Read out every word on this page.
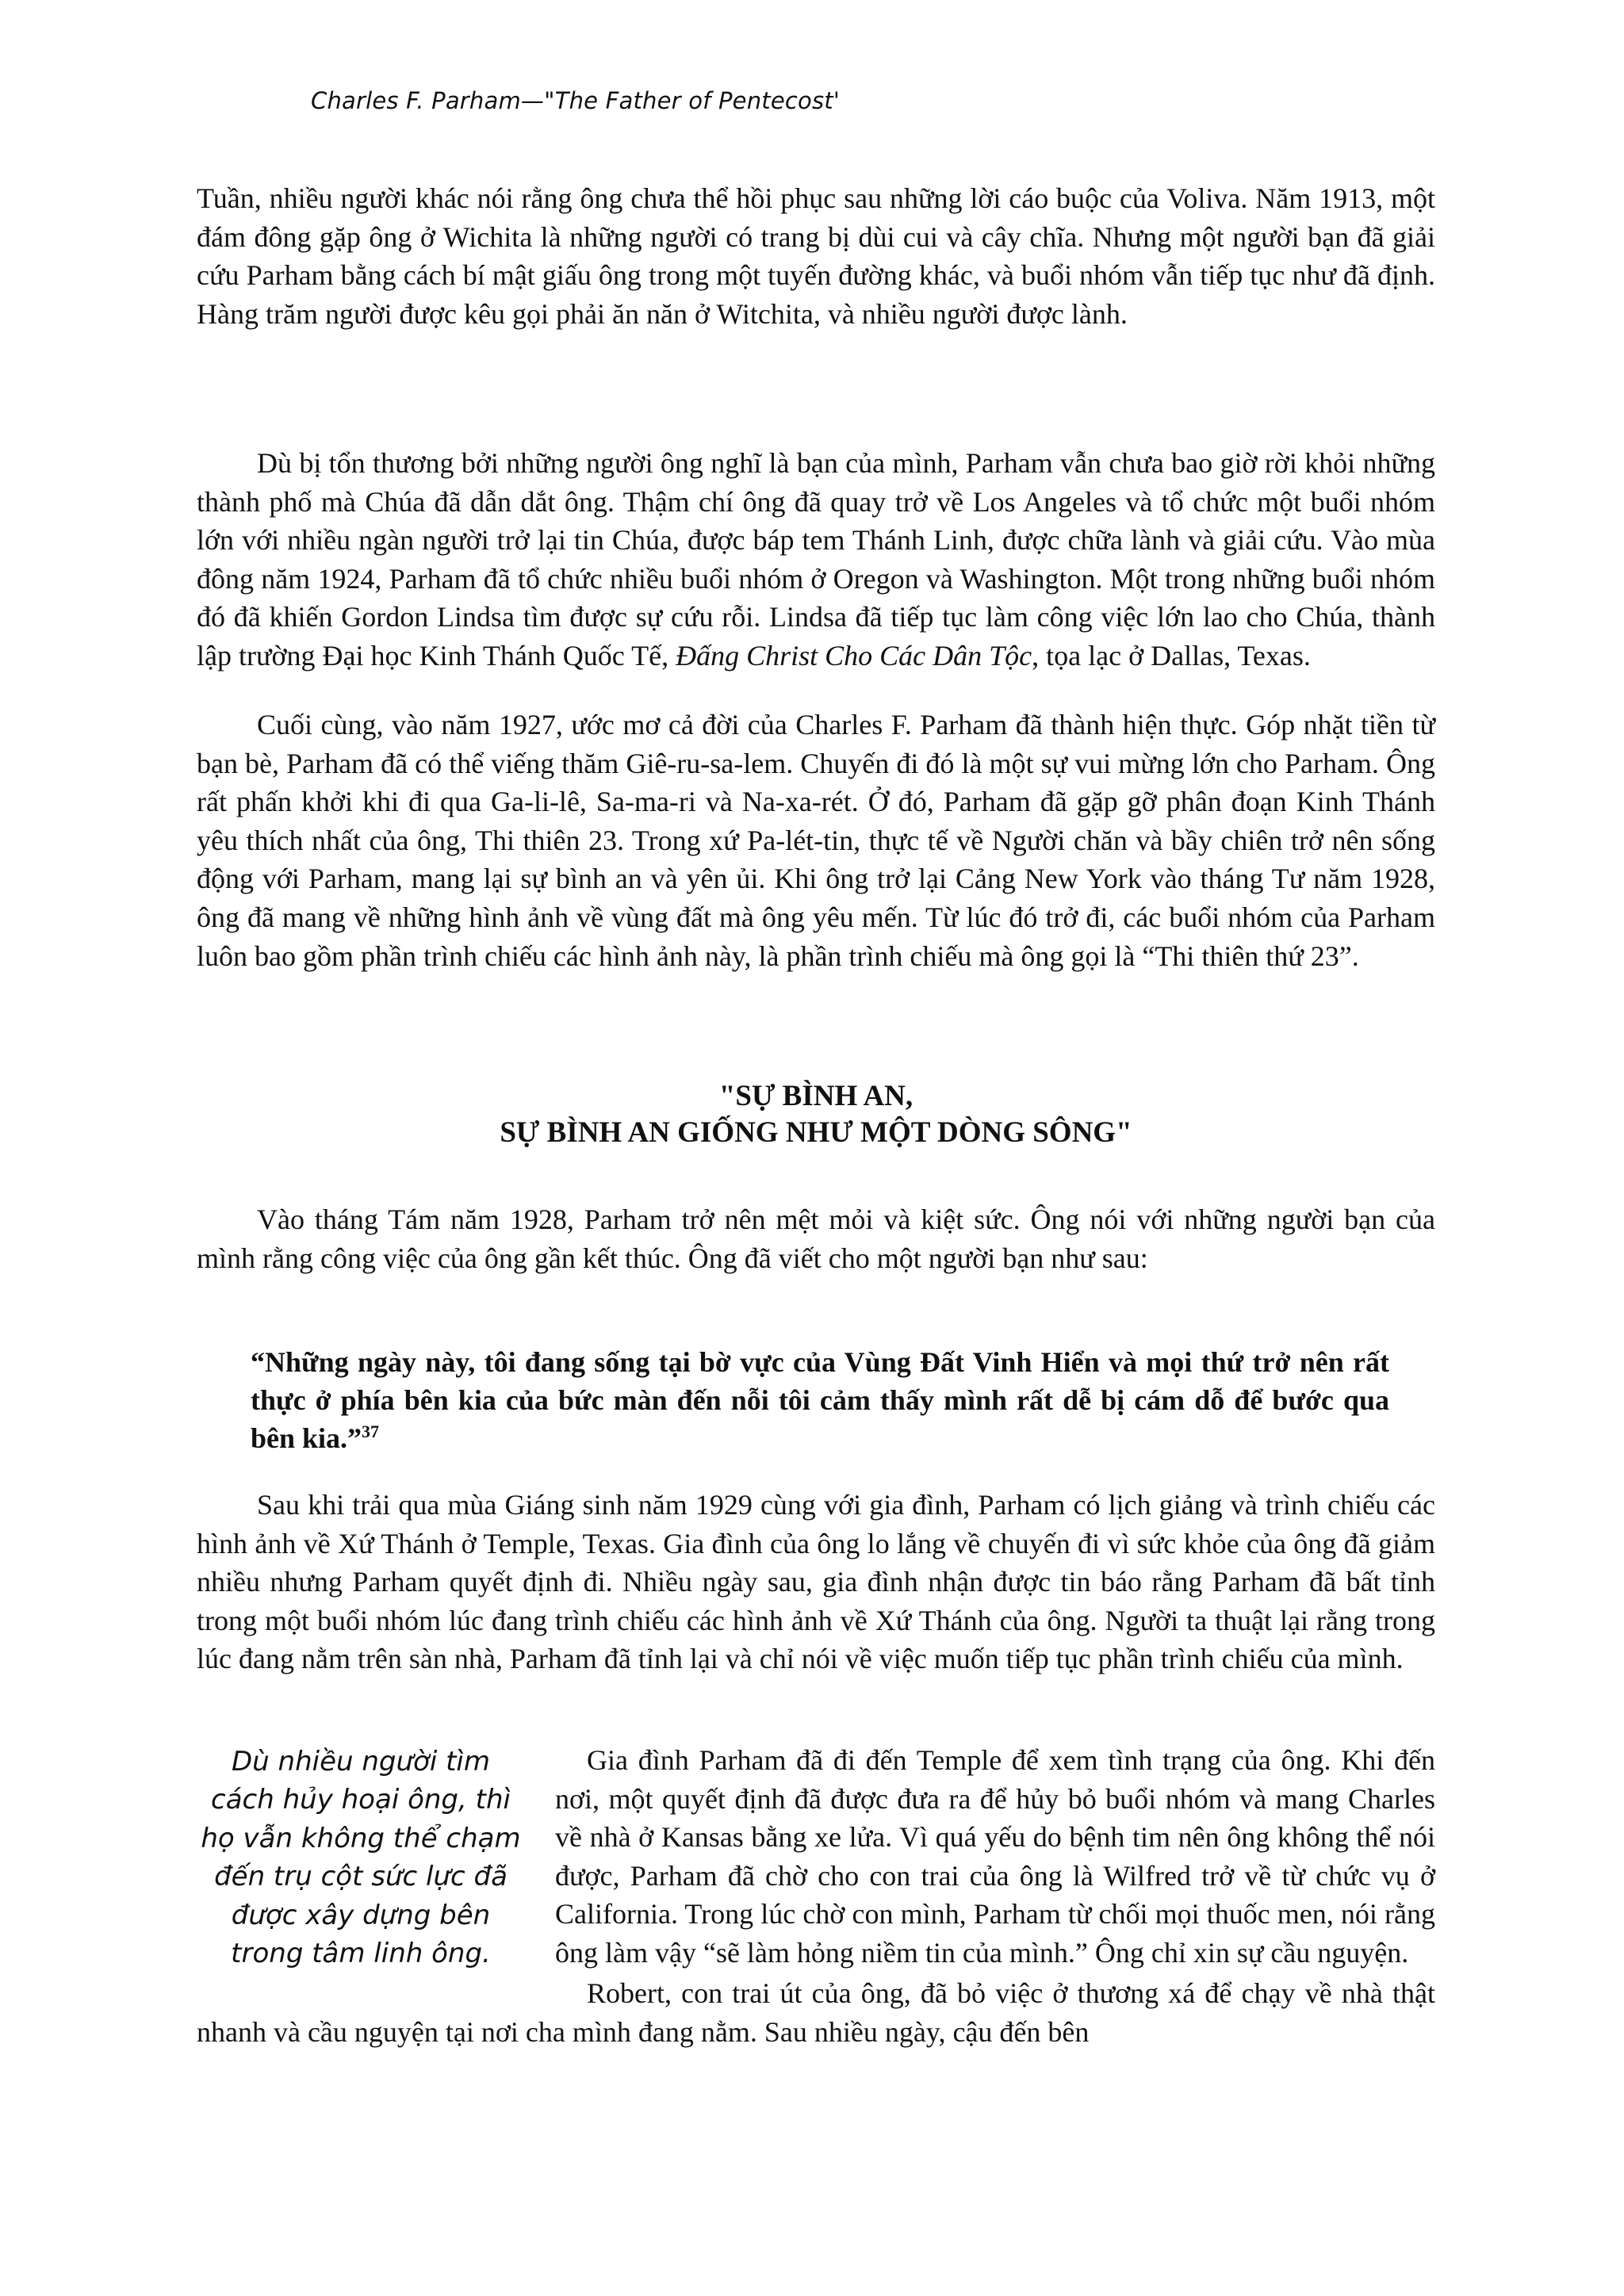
Charles F. Parham—"The Father of Pentecost'

Tuần, nhiều người khác nói rằng ông chưa thể hồi phục sau những lời cáo buộc của Voliva. Năm 1913, một đám đông gặp ông ở Wichita là những người có trang bị dùi cui và cây chĩa. Nhưng một người bạn đã giải cứu Parham bằng cách bí mật giấu ông trong một tuyến đường khác, và buổi nhóm vẫn tiếp tục như đã định. Hàng trăm người được kêu gọi phải ăn năn ở Witchita, và nhiều người được lành.

Dù bị tổn thương bởi những người ông nghĩ là bạn của mình, Parham vẫn chưa bao giờ rời khỏi những thành phố mà Chúa đã dẫn dắt ông. Thậm chí ông đã quay trở về Los Angeles và tổ chức một buổi nhóm lớn với nhiều ngàn người trở lại tin Chúa, được báp tem Thánh Linh, được chữa lành và giải cứu. Vào mùa đông năm 1924, Parham đã tổ chức nhiều buổi nhóm ở Oregon và Washington. Một trong những buổi nhóm đó đã khiến Gordon Lindsa tìm được sự cứu rỗi. Lindsa đã tiếp tục làm công việc lớn lao cho Chúa, thành lập trường Đại học Kinh Thánh Quốc Tế, Đấng Christ Cho Các Dân Tộc, tọa lạc ở Dallas, Texas.

Cuối cùng, vào năm 1927, ước mơ cả đời của Charles F. Parham đã thành hiện thực. Góp nhặt tiền từ bạn bè, Parham đã có thể viếng thăm Giê-ru-sa-lem. Chuyến đi đó là một sự vui mừng lớn cho Parham. Ông rất phấn khởi khi đi qua Ga-li-lê, Sa-ma-ri và Na-xa-rét. Ở đó, Parham đã gặp gỡ phân đoạn Kinh Thánh yêu thích nhất của ông, Thi thiên 23. Trong xứ Pa-lét-tin, thực tế về Người chăn và bầy chiên trở nên sống động với Parham, mang lại sự bình an và yên ủi. Khi ông trở lại Cảng New York vào tháng Tư năm 1928, ông đã mang về những hình ảnh về vùng đất mà ông yêu mến. Từ lúc đó trở đi, các buổi nhóm của Parham luôn bao gồm phần trình chiếu các hình ảnh này, là phần trình chiếu mà ông gọi là “Thi thiên thứ 23”.

"SỰ BÌNH AN,
SỰ BÌNH AN GIỐNG NHƯ MỘT DÒNG SÔNG"

Vào tháng Tám năm 1928, Parham trở nên mệt mỏi và kiệt sức. Ông nói với những người bạn của mình rằng công việc của ông gần kết thúc. Ông đã viết cho một người bạn như sau:

“Những ngày này, tôi đang sống tại bờ vực của Vùng Đất Vinh Hiển và mọi thứ trở nên rất thực ở phía bên kia của bức màn đến nỗi tôi cảm thấy mình rất dễ bị cám dỗ để bước qua bên kia.”$^{37}$

Sau khi trải qua mùa Giáng sinh năm 1929 cùng với gia đình, Parham có lịch giảng và trình chiếu các hình ảnh về Xứ Thánh ở Temple, Texas. Gia đình của ông lo lắng về chuyến đi vì sức khỏe của ông đã giảm nhiều nhưng Parham quyết định đi. Nhiều ngày sau, gia đình nhận được tin báo rằng Parham đã bất tỉnh trong một buổi nhóm lúc đang trình chiếu các hình ảnh về Xứ Thánh của ông. Người ta thuật lại rằng trong lúc đang nằm trên sàn nhà, Parham đã tỉnh lại và chỉ nói về việc muốn tiếp tục phần trình chiếu của mình.

Dù nhiều người tìm cách hủy hoại ông, thì họ vẫn không thể chạm đến trụ cột sức lực đã được xây dựng bên trong tâm linh ông.

Gia đình Parham đã đi đến Temple để xem tình trạng của ông. Khi đến nơi, một quyết định đã được đưa ra để hủy bỏ buổi nhóm và mang Charles về nhà ở Kansas bằng xe lửa. Vì quá yếu do bệnh tim nên ông không thể nói được, Parham đã chờ cho con trai của ông là Wilfred trở về từ chức vụ ở California. Trong lúc chờ con mình, Parham từ chối mọi thuốc men, nói rằng ông làm vậy “sẽ làm hỏng niềm tin của mình.” Ông chỉ xin sự cầu nguyện.

Robert, con trai út của ông, đã bỏ việc ở thương xá để chạy về nhà thật nhanh và cầu nguyện tại nơi cha mình đang nằm. Sau nhiều ngày, cậu đến bên
